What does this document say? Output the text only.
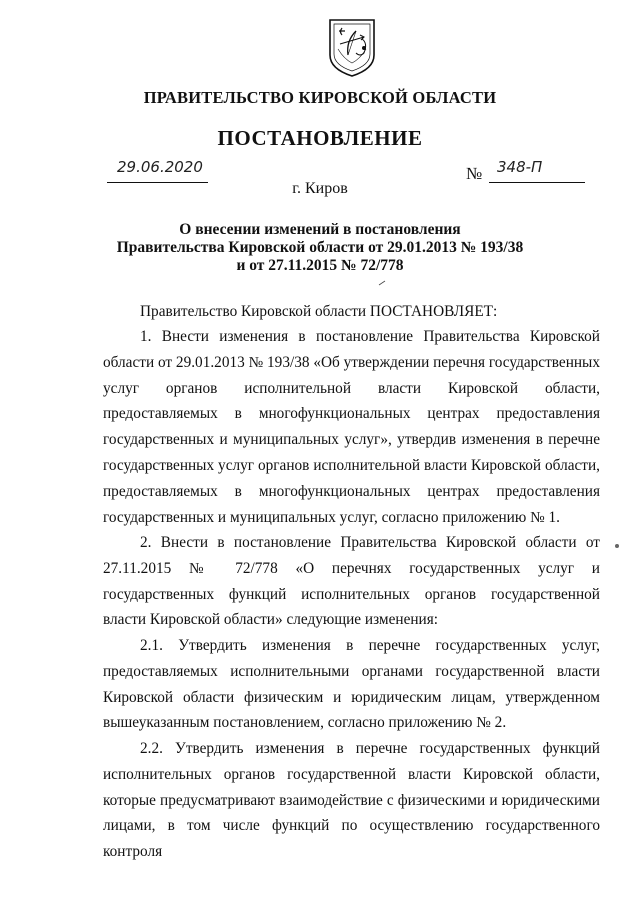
ПРАВИТЕЛЬСТВО КИРОВСКОЙ ОБЛАСТИ
ПОСТАНОВЛЕНИЕ
29.06.2020	№ 348-П
г. Киров
О внесении изменений в постановления
Правительства Кировской области от 29.01.2013 № 193/38
и от 27.11.2015 № 72/778

Правительство Кировской области ПОСТАНОВЛЯЕТ:

1. Внести изменения в постановление Правительства Кировской области от 29.01.2013 № 193/38 «Об утверждении перечня государственных услуг органов исполнительной власти Кировской области, предоставляемых в многофункциональных центрах предоставления государственных и муниципальных услуг», утвердив изменения в перечне государственных услуг органов исполнительной власти Кировской области, предоставляемых в многофункциональных центрах предоставления государственных и муниципальных услуг, согласно приложению № 1.

2. Внести в постановление Правительства Кировской области от 27.11.2015 № 72/778 «О перечнях государственных услуг и государственных функций исполнительных органов государственной власти Кировской области» следующие изменения:

2.1. Утвердить изменения в перечне государственных услуг, предоставляемых исполнительными органами государственной власти Кировской области физическим и юридическим лицам, утвержденном вышеуказанным постановлением, согласно приложению № 2.

2.2. Утвердить изменения в перечне государственных функций исполнительных органов государственной власти Кировской области, которые предусматривают взаимодействие с физическими и юридическими лицами, в том числе функций по осуществлению государственного контроля
